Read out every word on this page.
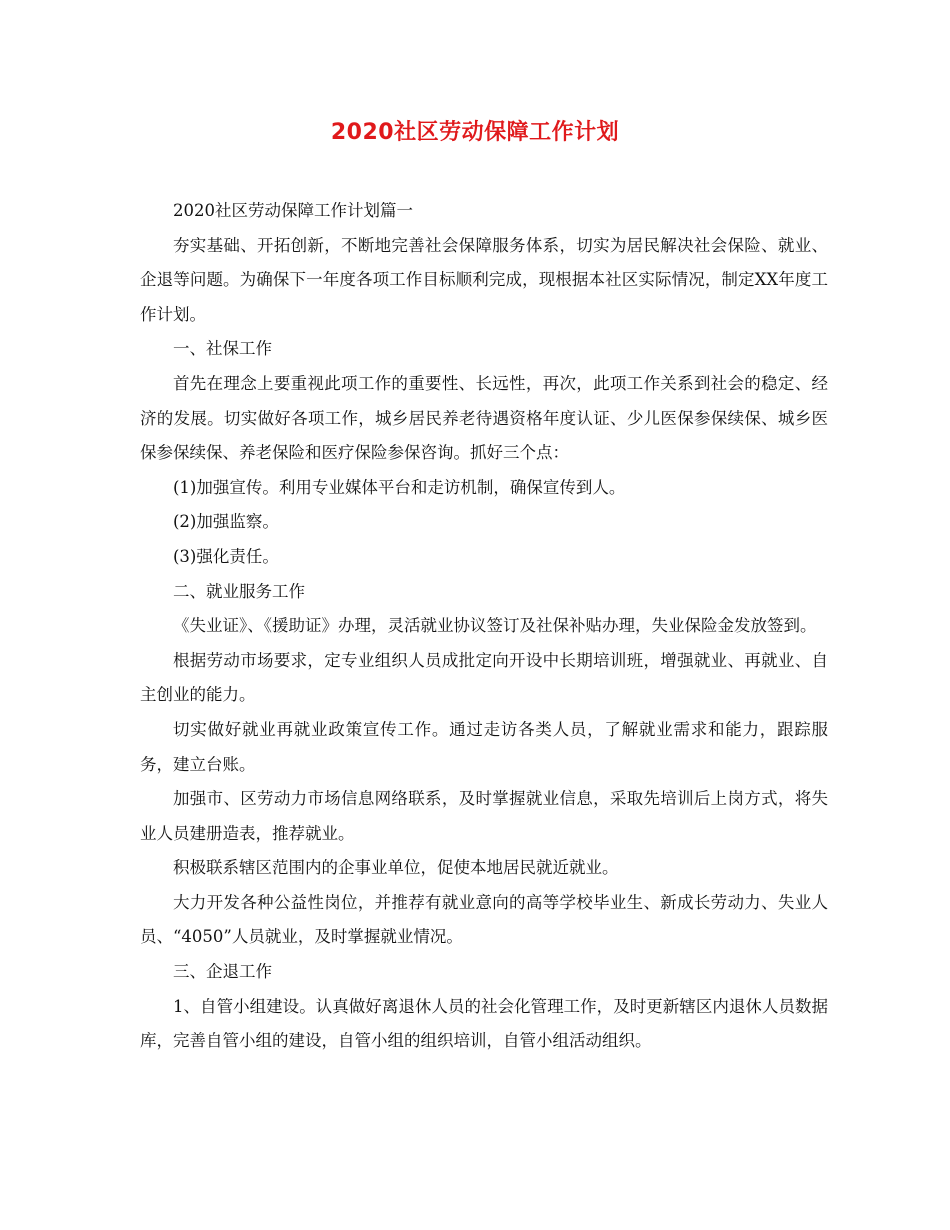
2020社区劳动保障工作计划

2020社区劳动保障工作计划篇一

夯实基础、开拓创新，不断地完善社会保障服务体系，切实为居民解决社会保险、就业、企退等问题。为确保下一年度各项工作目标顺利完成，现根据本社区实际情况，制定XX年度工作计划。

一、社保工作

首先在理念上要重视此项工作的重要性、长远性，再次，此项工作关系到社会的稳定、经济的发展。切实做好各项工作，城乡居民养老待遇资格年度认证、少儿医保参保续保、城乡医保参保续保、养老保险和医疗保险参保咨询。抓好三个点：

(1)加强宣传。利用专业媒体平台和走访机制，确保宣传到人。

(2)加强监察。

(3)强化责任。

二、就业服务工作

《失业证》、《援助证》办理，灵活就业协议签订及社保补贴办理，失业保险金发放签到。

根据劳动市场要求，定专业组织人员成批定向开设中长期培训班，增强就业、再就业、自主创业的能力。

切实做好就业再就业政策宣传工作。通过走访各类人员，了解就业需求和能力，跟踪服务，建立台账。

加强市、区劳动力市场信息网络联系，及时掌握就业信息，采取先培训后上岗方式，将失业人员建册造表，推荐就业。

积极联系辖区范围内的企事业单位，促使本地居民就近就业。

大力开发各种公益性岗位，并推荐有就业意向的高等学校毕业生、新成长劳动力、失业人员、“4050”人员就业，及时掌握就业情况。

三、企退工作

1、自管小组建设。认真做好离退休人员的社会化管理工作，及时更新辖区内退休人员数据库，完善自管小组的建设，自管小组的组织培训，自管小组活动组织。
